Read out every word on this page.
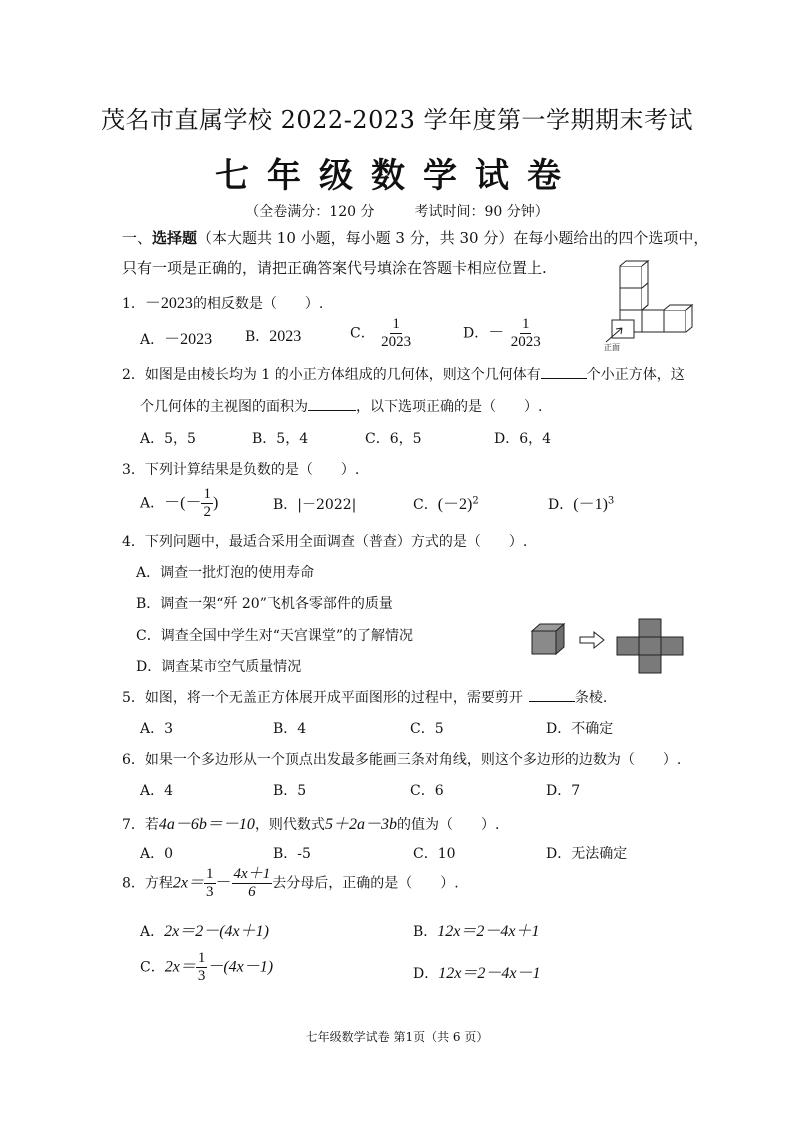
茂名市直属学校 2022-2023 学年度第一学期期末考试
七年级数学试卷
（全卷满分：120 分	考试时间：90 分钟）
一、选择题（本大题共 10 小题，每小题 3 分，共 30 分）在每小题给出的四个选项中，
只有一项是正确的，请把正确答案代号填涂在答题卡相应位置上.
1．－2023的相反数是（　　）.
A．－2023 B．2023	C． $\frac{1}{2023}$	D．－ $\frac{1}{2023}$	正面
2．如图是由棱长均为 1 的小正方体组成的几何体，则这个几何体有	个小正方体，这
个几何体的主视图的面积为	，以下选项正确的是（　　）.
A．5，5	B．5，4	C．6，5	D．6，4
3．下列计算结果是负数的是（　　）.
A．－(－ $\frac{1}{2}$ )	B．|－2022|	C．$(-2)^2$	D．$(-1)^3$
4．下列问题中，最适合采用全面调查（普查）方式的是（　　）.
A．调查一批灯泡的使用寿命
B．调查一架“歼 20”飞机各零部件的质量
C．调查全国中学生对“天宫课堂”的了解情况
D．调查某市空气质量情况
5．如图，将一个无盖正方体展开成平面图形的过程中，需要剪开	条棱.
A．3	B．4	C．5	D．不确定
6．如果一个多边形从一个顶点出发最多能画三条对角线，则这个多边形的边数为（　　）.
A．4	B．5	C．6	D．7
7．若4a－6b＝－10，则代数式5＋2a－3b的值为（　　）.
A．0	B．-5	C．10	D．无法确定
8．方程$2x= \frac{1}{3} - \frac{4x+1}{6}$ 去分母后，正确的是（　　）.
A．2x＝2－(4x＋1)	B．12x＝2－4x＋1
C．$2x= \frac{1}{3} -(4x-1)$	D．12x＝2－4x－1
七年级数学试卷 第1页（共 6 页）
